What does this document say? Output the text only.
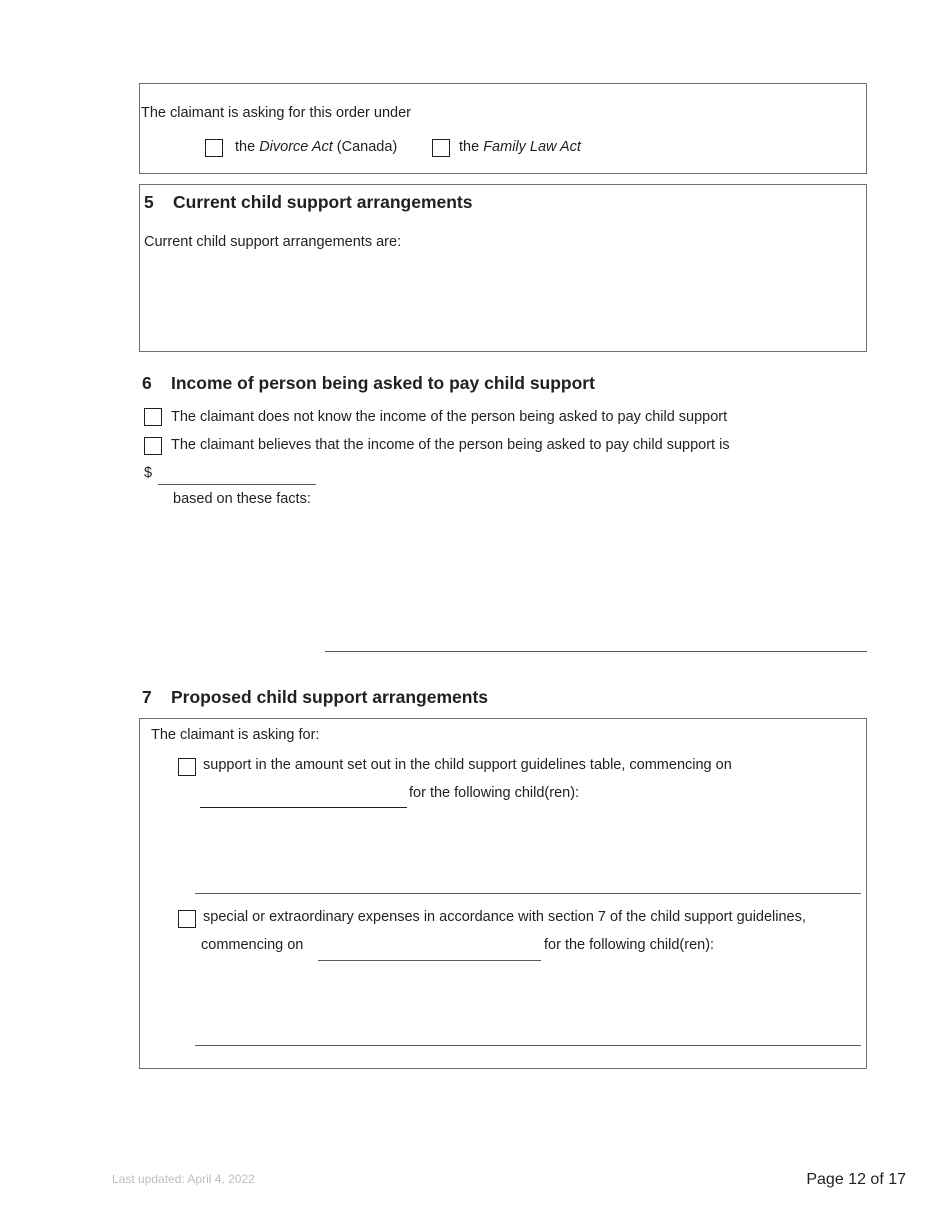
The claimant is asking for this order under
the Divorce Act (Canada)	the Family Law Act
5 Current child support arrangements
Current child support arrangements are:
6 Income of person being asked to pay child support
The claimant does not know the income of the person being asked to pay child support
The claimant believes that the income of the person being asked to pay child support is
$
based on these facts:
7 Proposed child support arrangements
The claimant is asking for:
support in the amount set out in the child support guidelines table, commencing on
for the following child(ren):
special or extraordinary expenses in accordance with section 7 of the child support guidelines,
commencing on	for the following child(ren):
Last updated: April 4, 2022	Page 12 of 17
